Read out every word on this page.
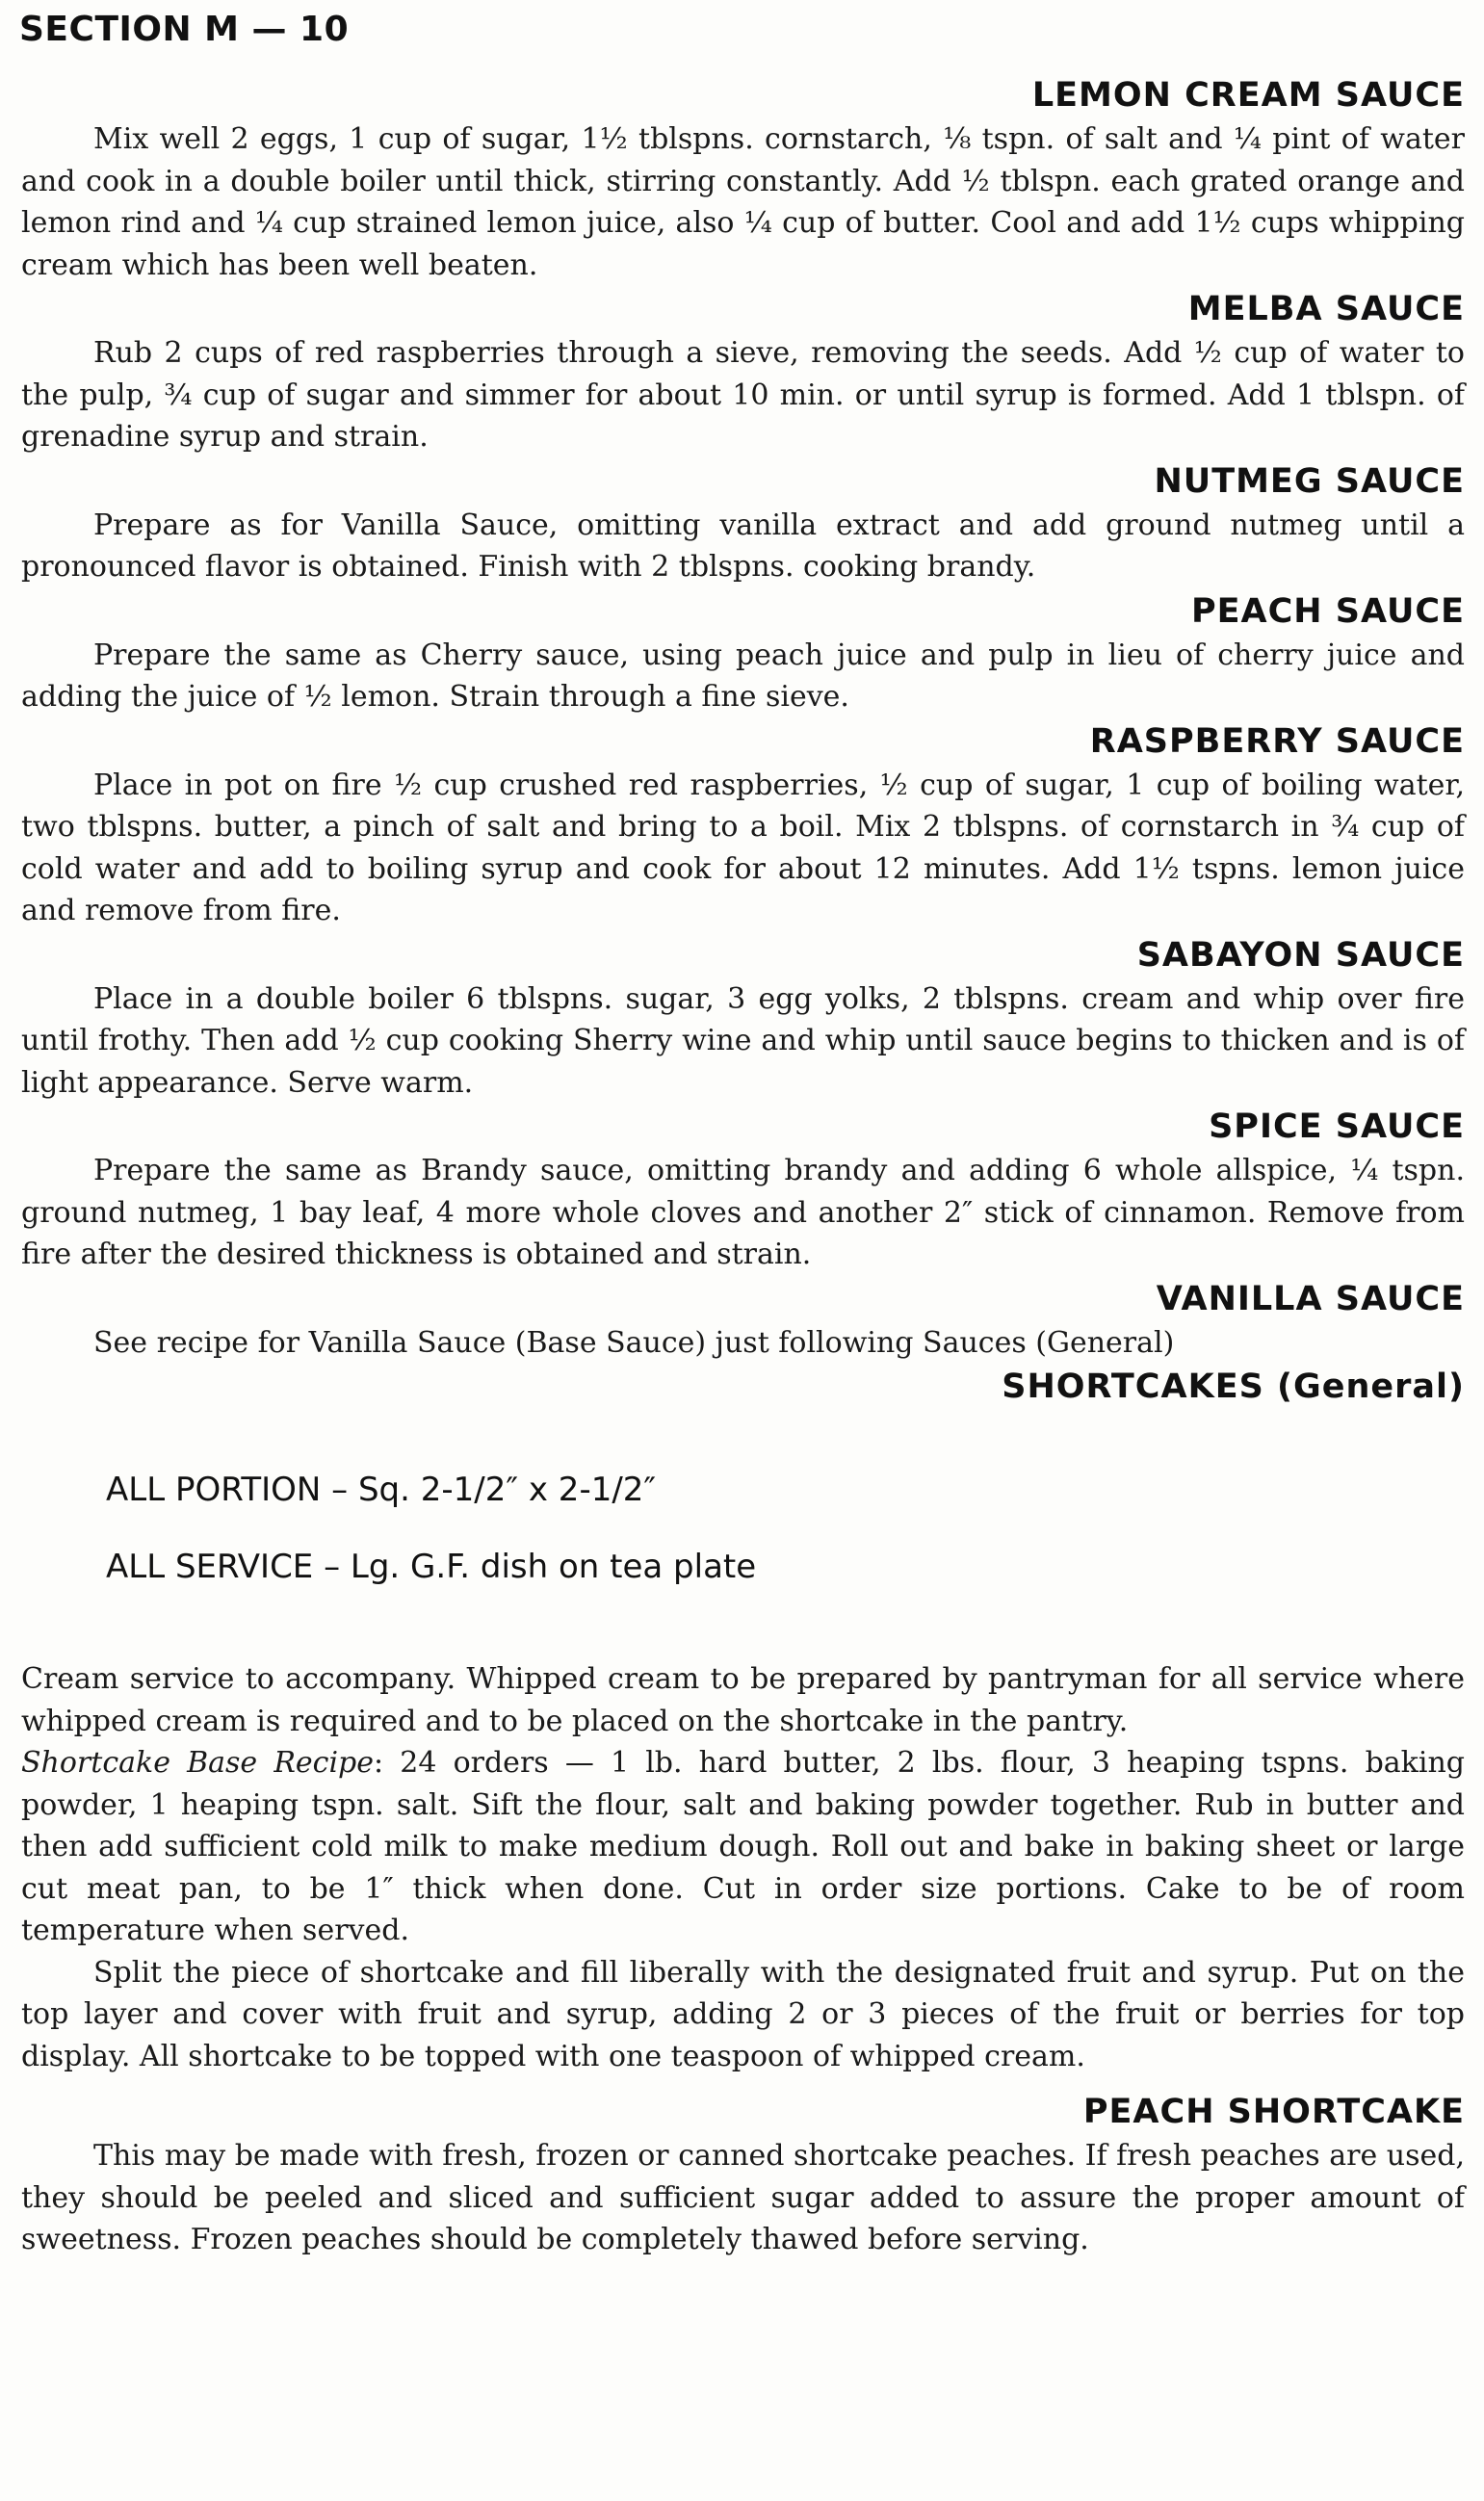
SECTION M — 10
LEMON CREAM SAUCE

Mix well 2 eggs, 1 cup of sugar, 1½ tblspns. cornstarch, ⅛ tspn. of salt and ¼ pint of water and cook in a double boiler until thick, stirring constantly. Add ½ tblspn. each grated orange and lemon rind and ¼ cup strained lemon juice, also ¼ cup of butter. Cool and add 1½ cups whipping cream which has been well beaten.

MELBA SAUCE

Rub 2 cups of red raspberries through a sieve, removing the seeds. Add ½ cup of water to the pulp, ¾ cup of sugar and simmer for about 10 min. or until syrup is formed. Add 1 tblspn. of grenadine syrup and strain.

NUTMEG SAUCE

Prepare as for Vanilla Sauce, omitting vanilla extract and add ground nutmeg until a pronounced flavor is obtained. Finish with 2 tblspns. cooking brandy.

PEACH SAUCE

Prepare the same as Cherry sauce, using peach juice and pulp in lieu of cherry juice and adding the juice of ½ lemon. Strain through a fine sieve.

RASPBERRY SAUCE

Place in pot on fire ½ cup crushed red raspberries, ½ cup of sugar, 1 cup of boiling water, two tblspns. butter, a pinch of salt and bring to a boil. Mix 2 tblspns. of cornstarch in ¾ cup of cold water and add to boiling syrup and cook for about 12 minutes. Add 1½ tspns. lemon juice and remove from fire.

SABAYON SAUCE

Place in a double boiler 6 tblspns. sugar, 3 egg yolks, 2 tblspns. cream and whip over fire until frothy. Then add ½ cup cooking Sherry wine and whip until sauce begins to thicken and is of light appearance. Serve warm.

SPICE SAUCE

Prepare the same as Brandy sauce, omitting brandy and adding 6 whole allspice, ¼ tspn. ground nutmeg, 1 bay leaf, 4 more whole cloves and another 2″ stick of cinnamon. Remove from fire after the desired thickness is obtained and strain.

VANILLA SAUCE

See recipe for Vanilla Sauce (Base Sauce) just following Sauces (General)

SHORTCAKES (General)

ALL PORTION – Sq. 2-1/2″ x 2-1/2″

ALL SERVICE – Lg. G.F. dish on tea plate

Cream service to accompany. Whipped cream to be prepared by pantryman for all service where whipped cream is required and to be placed on the shortcake in the pantry.

Shortcake Base Recipe: 24 orders — 1 lb. hard butter, 2 lbs. flour, 3 heaping tspns. baking powder, 1 heaping tspn. salt. Sift the flour, salt and baking powder together. Rub in butter and then add sufficient cold milk to make medium dough. Roll out and bake in baking sheet or large cut meat pan, to be 1″ thick when done. Cut in order size portions. Cake to be of room temperature when served.

Split the piece of shortcake and fill liberally with the designated fruit and syrup. Put on the top layer and cover with fruit and syrup, adding 2 or 3 pieces of the fruit or berries for top display. All shortcake to be topped with one teaspoon of whipped cream.

PEACH SHORTCAKE

This may be made with fresh, frozen or canned shortcake peaches. If fresh peaches are used, they should be peeled and sliced and sufficient sugar added to assure the proper amount of sweetness. Frozen peaches should be completely thawed before serving.
